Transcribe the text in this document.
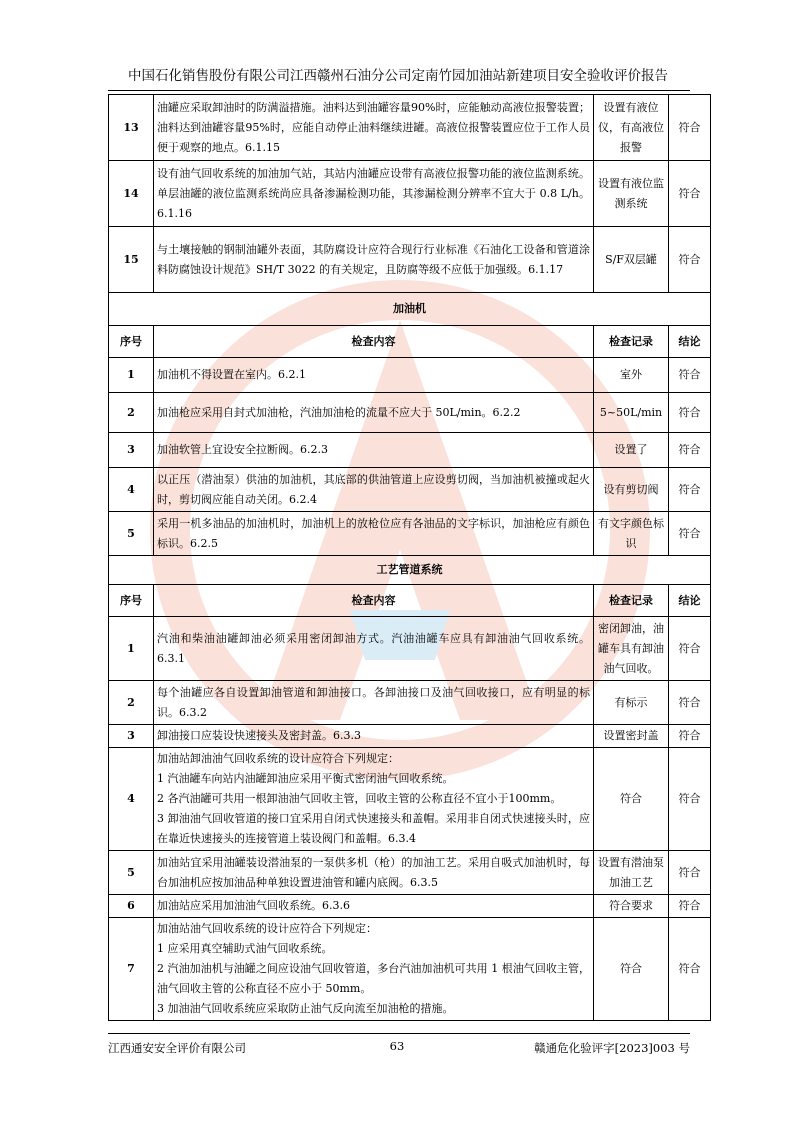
中国石化销售股份有限公司江西赣州石油分公司定南竹园加油站新建项目安全验收评价报告
13	油罐应采取卸油时的防满溢措施。油料达到油罐容量90%时，应能触动高液位报警装置；油料达到油罐容量95%时，应能自动停止油料继续进罐。高液位报警装置应位于工作人员便于观察的地点。6.1.15	设置有液位仪，有高液位报警	符合
14	设有油气回收系统的加油加气站，其站内油罐应设带有高液位报警功能的液位监测系统。单层油罐的液位监测系统尚应具备渗漏检测功能，其渗漏检测分辨率不宜大于 0.8 L/h。6.1.16	设置有液位监测系统	符合
15	与土壤接触的钢制油罐外表面，其防腐设计应符合现行行业标准《石油化工设备和管道涂料防腐蚀设计规范》SH/T 3022 的有关规定，且防腐等级不应低于加强级。6.1.17	S/F双层罐	符合
加油机			
序号	检查内容	检查记录	结论
1	加油机不得设置在室内。6.2.1	室外	符合
2	加油枪应采用自封式加油枪，汽油加油枪的流量不应大于 50L/min。6.2.2	5~50L/min	符合
3	加油软管上宜设安全拉断阀。6.2.3	设置了	符合
4	以正压（潜油泵）供油的加油机，其底部的供油管道上应设剪切阀，当加油机被撞或起火时，剪切阀应能自动关闭。6.2.4	设有剪切阀	符合
5	采用一机多油品的加油机时，加油机上的放枪位应有各油品的文字标识，加油枪应有颜色标识。6.2.5	有文字颜色标识	符合
工艺管道系统			
序号	检查内容	检查记录	结论
1	汽油和柴油油罐卸油必须采用密闭卸油方式。汽油油罐车应具有卸油油气回收系统。6.3.1	密闭卸油，油罐车具有卸油油气回收。	符合
2	每个油罐应各自设置卸油管道和卸油接口。各卸油接口及油气回收接口，应有明显的标识。6.3.2	有标示	符合
3	卸油接口应装设快速接头及密封盖。6.3.3	设置密封盖	符合
4	加油站卸油油气回收系统的设计应符合下列规定：
1 汽油罐车向站内油罐卸油应采用平衡式密闭油气回收系统。
2 各汽油罐可共用一根卸油油气回收主管，回收主管的公称直径不宜小于100mm。
3 卸油油气回收管道的接口宜采用自闭式快速接头和盖帽。采用非自闭式快速接头时，应在靠近快速接头的连接管道上装设阀门和盖帽。6.3.4	符合	符合
5	加油站宜采用油罐装设潜油泵的一泵供多机（枪）的加油工艺。采用自吸式加油机时，每台加油机应按加油品种单独设置进油管和罐内底阀。6.3.5	设置有潜油泵加油工艺	符合
6	加油站应采用加油油气回收系统。6.3.6	符合要求	符合
7	加油站油气回收系统的设计应符合下列规定：
1 应采用真空辅助式油气回收系统。
2 汽油加油机与油罐之间应设油气回收管道，多台汽油加油机可共用 1 根油气回收主管，油气回收主管的公称直径不应小于 50mm。
3 加油油气回收系统应采取防止油气反向流至加油枪的措施。	符合	符合
江西通安安全评价有限公司	63	赣通危化验评字[2023]003 号
